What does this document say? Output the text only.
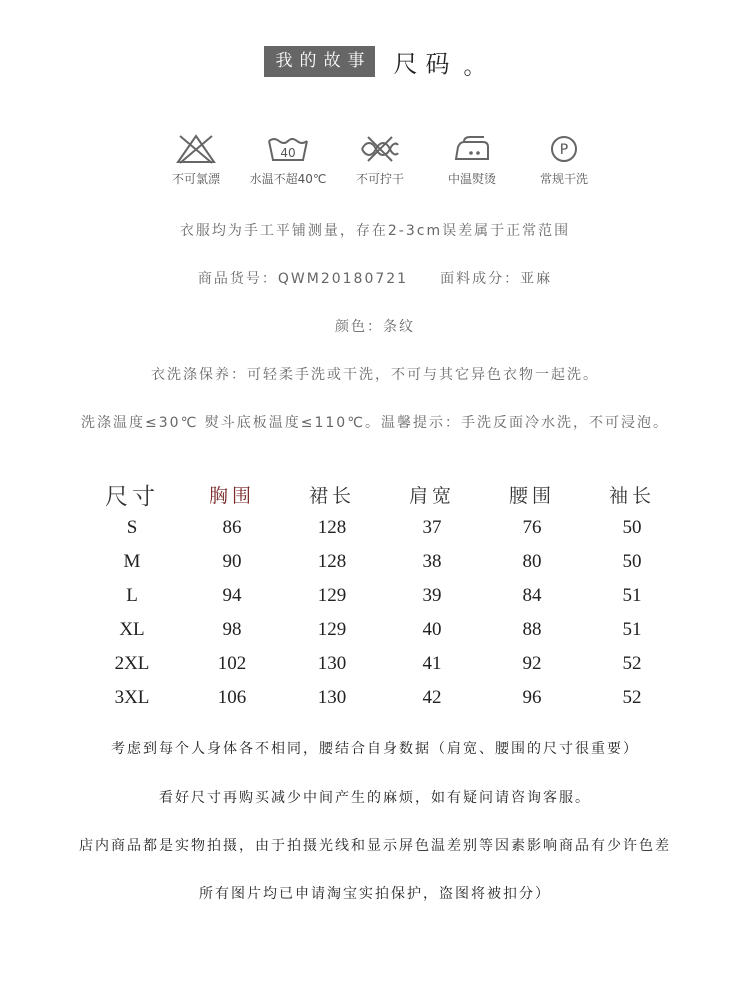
我的故事 尺码 。
不可氯漂
40
水温不超40℃	不可拧干	中温熨烫
P
常规干洗
衣服均为手工平铺测量，存在2-3cm误差属于正常范围
商品货号：QWM20180721　　面料成分：亚麻
颜色：条纹
衣洗涤保养：可轻柔手洗或干洗，不可与其它异色衣物一起洗。
洗涤温度≤30℃ 熨斗底板温度≤110℃。温馨提示：手洗反面冷水洗，不可浸泡。
尺寸	胸围	裙长	肩宽	腰围	袖长
S	86	128	37	76	50
M	90	128	38	80	50
L	94	129	39	84	51
XL	98	129	40	88	51
2XL	102	130	41	92	52
3XL	106	130	42	96	52
考虑到每个人身体各不相同，腰结合自身数据（肩宽、腰围的尺寸很重要）
看好尺寸再购买减少中间产生的麻烦，如有疑问请咨询客服。
店内商品都是实物拍摄，由于拍摄光线和显示屏色温差别等因素影响商品有少许色差
所有图片均已申请淘宝实拍保护，盗图将被扣分）
